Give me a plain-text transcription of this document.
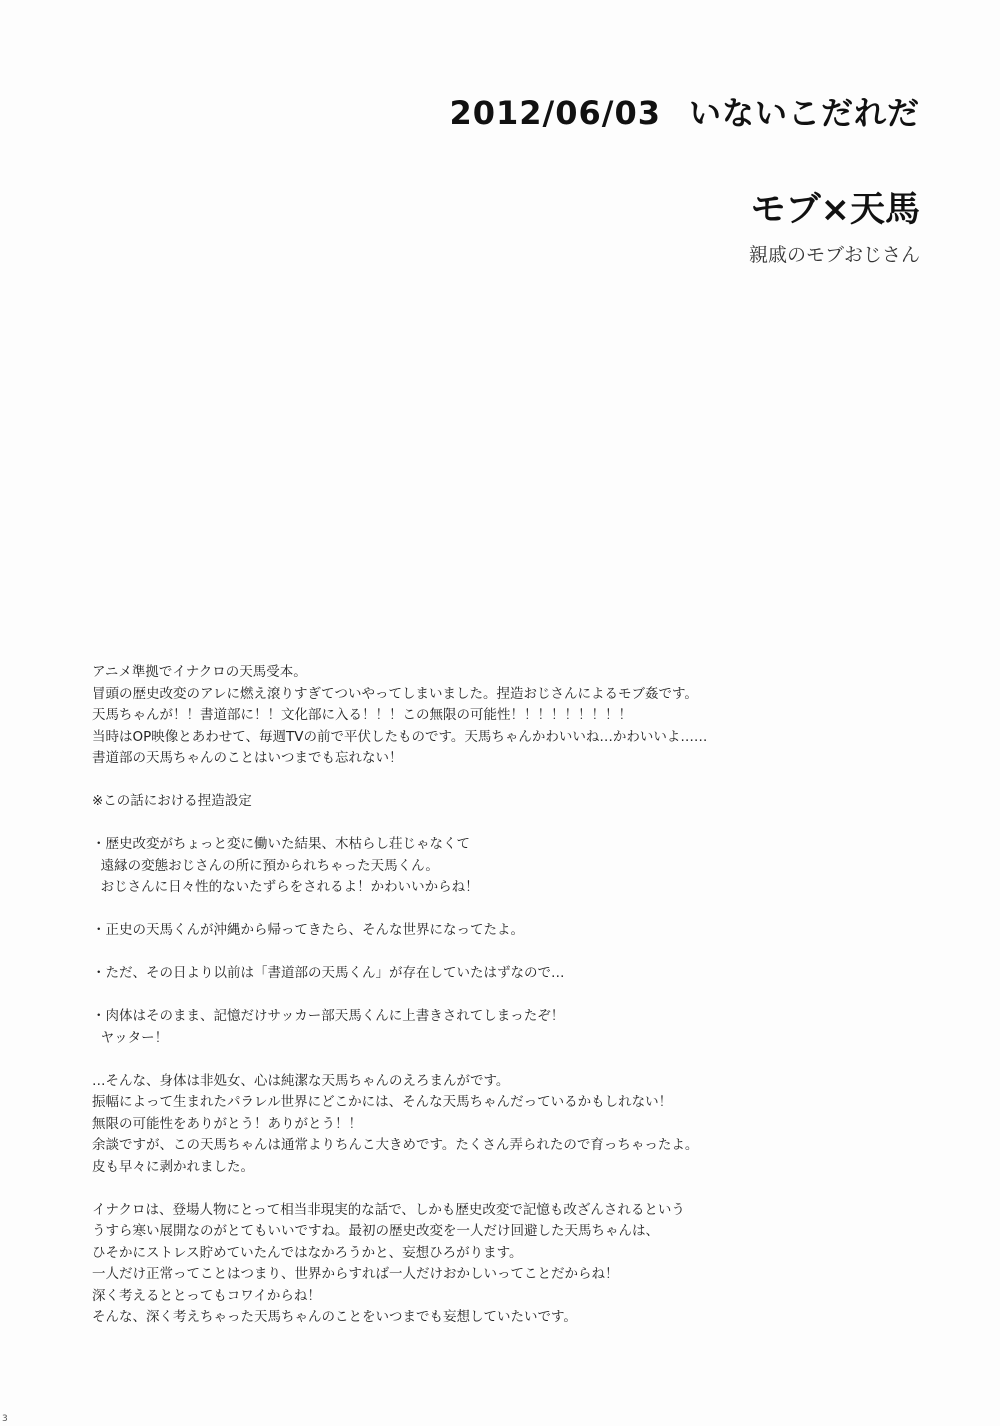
2012/06/03 いないこだれだ
モブ×天馬
親戚のモブおじさん
アニメ準拠でイナクロの天馬受本。
冒頭の歴史改変のアレに燃え滾りすぎてついやってしまいました。捏造おじさんによるモブ姦です。
天馬ちゃんが！！書道部に！！文化部に入る！！！この無限の可能性！！！！！！！！！
当時はOP映像とあわせて、毎週TVの前で平伏したものです。天馬ちゃんかわいいね…かわいいよ……
書道部の天馬ちゃんのことはいつまでも忘れない！
※この話における捏造設定
・歴史改変がちょっと変に働いた結果、木枯らし荘じゃなくて
遠縁の変態おじさんの所に預かられちゃった天馬くん。
おじさんに日々性的ないたずらをされるよ！かわいいからね！
・正史の天馬くんが沖縄から帰ってきたら、そんな世界になってたよ。
・ただ、その日より以前は「書道部の天馬くん」が存在していたはずなので…
・肉体はそのまま、記憶だけサッカー部天馬くんに上書きされてしまったぞ！
ヤッター！
…そんな、身体は非処女、心は純潔な天馬ちゃんのえろまんがです。
振幅によって生まれたパラレル世界にどこかには、そんな天馬ちゃんだっているかもしれない！
無限の可能性をありがとう！ありがとう！！
余談ですが、この天馬ちゃんは通常よりちんこ大きめです。たくさん弄られたので育っちゃったよ。
皮も早々に剥かれました。
イナクロは、登場人物にとって相当非現実的な話で、しかも歴史改変で記憶も改ざんされるという
うすら寒い展開なのがとてもいいですね。最初の歴史改変を一人だけ回避した天馬ちゃんは、
ひそかにストレス貯めていたんではなかろうかと、妄想ひろがります。
一人だけ正常ってことはつまり、世界からすれば一人だけおかしいってことだからね！
深く考えるととってもコワイからね！
そんな、深く考えちゃった天馬ちゃんのことをいつまでも妄想していたいです。
3
